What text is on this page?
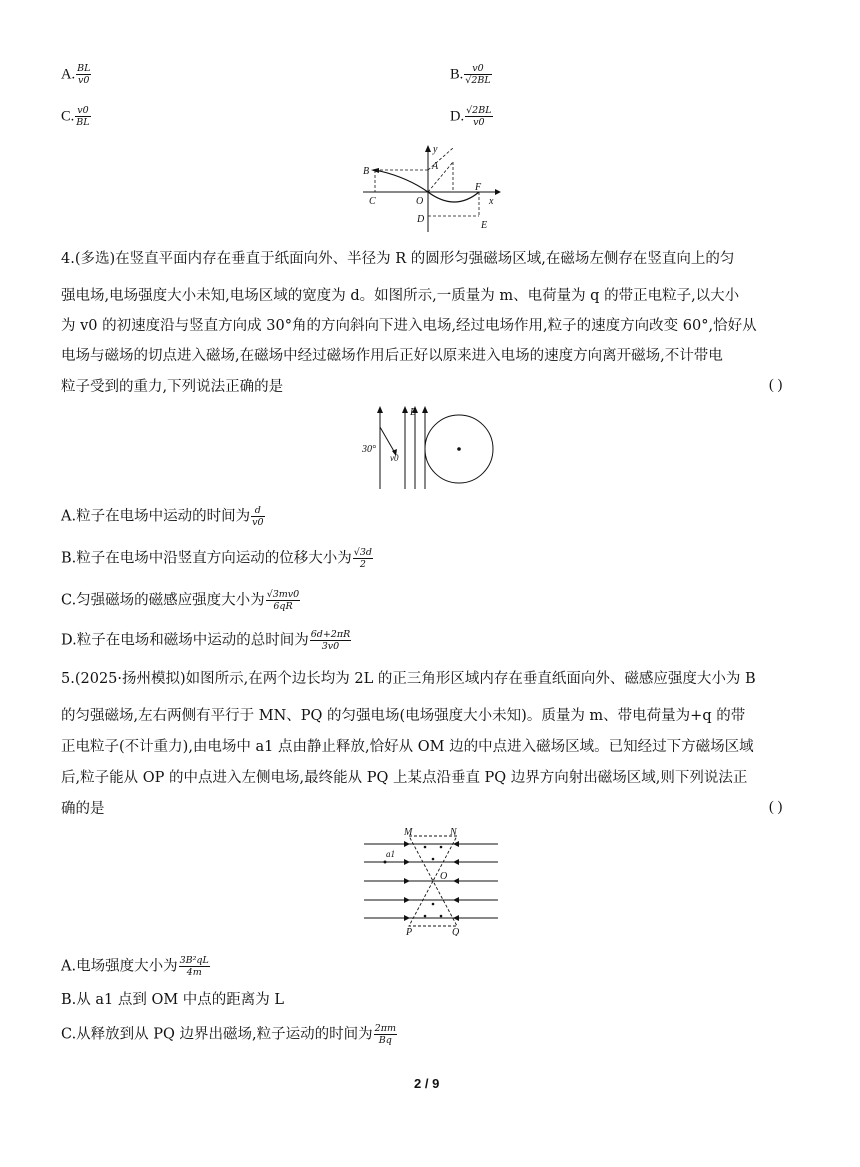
A. $\frac{BL}{v0}$	B. $\frac{v0}{√2BL}$
C. $\frac{v0}{BL}$	D. $\frac{√2BL}{v0}$
y
B	A
F
C	O	x
D
E
4.(多选)在竖直平面内存在垂直于纸面向外、半径为 R 的圆形匀强磁场区域,在磁场左侧存在竖直向上的匀
强电场,电场强度大小未知,电场区域的宽度为 d。如图所示,一质量为 m、电荷量为 q 的带正电粒子,以大小
为 v0 的初速度沿与竖直方向成 30°角的方向斜向下进入电场,经过电场作用,粒子的速度方向改变 60°,恰好从
电场与磁场的切点进入磁场,在磁场中经过磁场作用后正好以原来进入电场的速度方向离开磁场,不计带电
粒子受到的重力,下列说法正确的是	( )
E
30°
v0
A.粒子在电场中运动的时间为 $\frac{d}{v0}$
B.粒子在电场中沿竖直方向运动的位移大小为 $\frac{√3d}{2}$
C.匀强磁场的磁感应强度大小为 $\frac{√3mv0}{6qR}$
D.粒子在电场和磁场中运动的总时间为 $\frac{6d+2\pi R}{3v0}$
5.(2025·扬州模拟)如图所示,在两个边长均为 2L 的正三角形区域内存在垂直纸面向外、磁感应强度大小为 B
的匀强磁场,左右两侧有平行于 MN、PQ 的匀强电场(电场强度大小未知)。质量为 m、带电荷量为+q 的带
正电粒子(不计重力),由电场中 a1 点由静止释放,恰好从 OM 边的中点进入磁场区域。已知经过下方磁场区域
后,粒子能从 OP 的中点进入左侧电场,最终能从 PQ 上某点沿垂直 PQ 边界方向射出磁场区域,则下列说法正
确的是	( )
M	N
a1
O
P	Q
A.电场强度大小为 $\frac{\text{3B²qL}}{4m}$
B.从 a1 点到 OM 中点的距离为 L
C.从释放到从 PQ 边界出磁场,粒子运动的时间为 $\frac{2\pi m}{Bq}$
2 / 9
